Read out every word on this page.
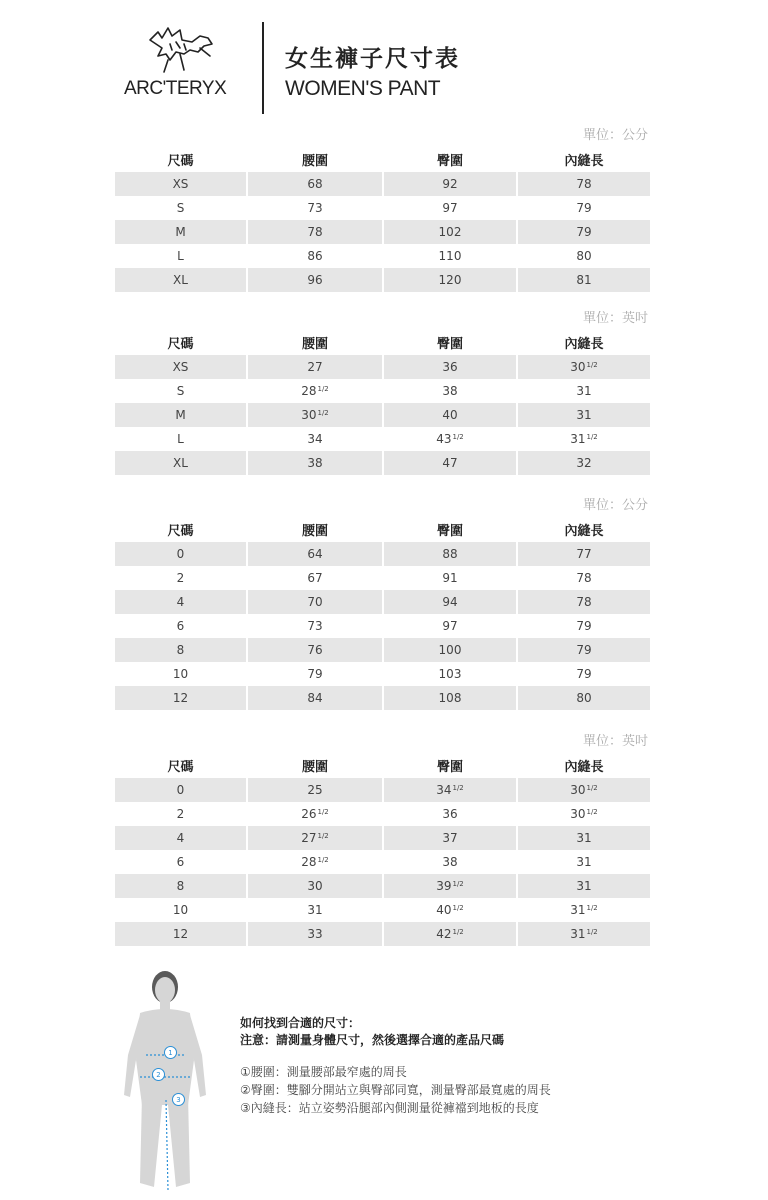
ARC'TERYX
女生褲子尺寸表
WOMEN'S PANT
單位：公分
尺碼	腰圍	臀圍	內縫長
XS	68	92	78
S	73	97	79
M	78	102	79
L	86	110	80
XL	96	120	81
單位：英吋
尺碼	腰圍	臀圍	內縫長
XS	27	36	$30^{1/2}$
S	$28^{1/2}$	38	31
M	$30^{1/2}$	40	31
L	34	$43^{1/2}$	$31^{1/2}$
XL	38	47	32
單位：公分
尺碼	腰圍	臀圍	內縫長
0	64	88	77
2	67	91	78
4	70	94	78
6	73	97	79
8	76	100	79
10	79	103	79
12	84	108	80
單位：英吋
尺碼	腰圍	臀圍	內縫長
0	25	$34^{1/2}$	$30^{1/2}$
2	$26^{1/2}$	36	$30^{1/2}$
4	$27^{1/2}$	37	31
6	$28^{1/2}$	38	31
8	30	$39^{1/2}$	31
10	31	$40^{1/2}$	$31^{1/2}$
12	33	$42^{1/2}$	$31^{1/2}$
1
2
3
如何找到合適的尺寸：
注意：請測量身體尺寸，然後選擇合適的產品尺碼
①腰圍：測量腰部最窄處的周長
②臀圍：雙腳分開站立與臀部同寬，測量臀部最寬處的周長
③內縫長：站立姿勢沿腿部內側測量從褲襠到地板的長度
